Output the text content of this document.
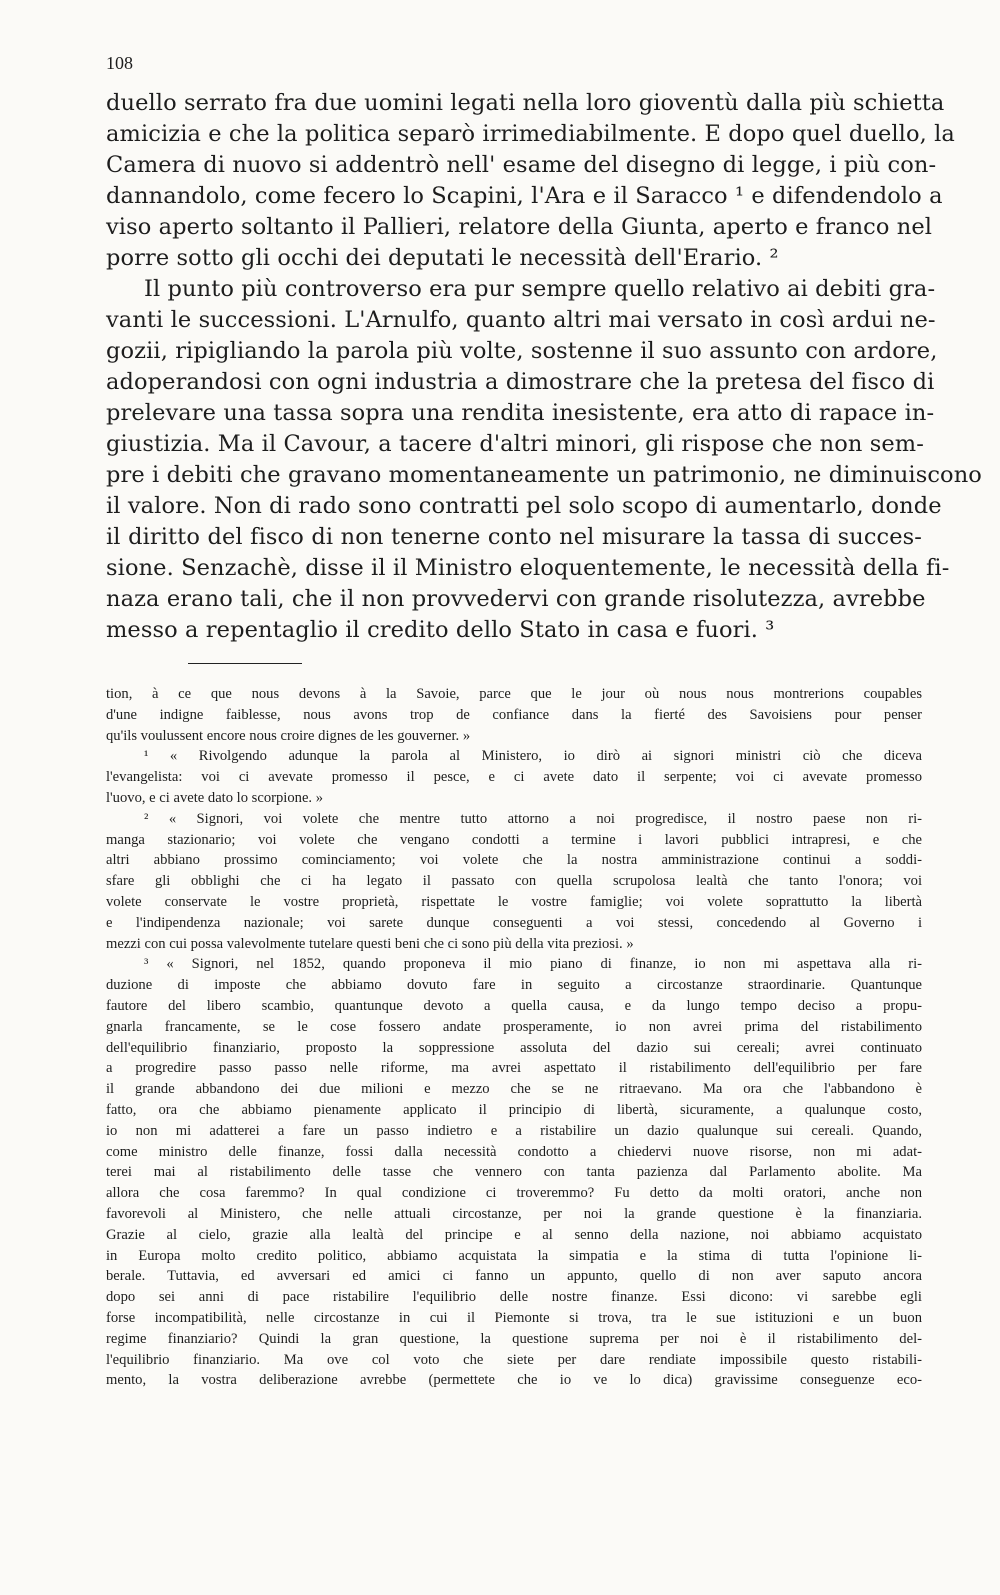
108
duello serrato fra due uomini legati nella loro gioventù dalla più schietta
amicizia e che la politica separò irrimediabilmente. E dopo quel duello, la
Camera di nuovo si addentrò nell' esame del disegno di legge, i più con-
dannandolo, come fecero lo Scapini, l'Ara e il Saracco ¹ e difendendolo a
viso aperto soltanto il Pallieri, relatore della Giunta, aperto e franco nel
porre sotto gli occhi dei deputati le necessità dell'Erario. ²
Il punto più controverso era pur sempre quello relativo ai debiti gra-
vanti le successioni. L'Arnulfo, quanto altri mai versato in così ardui ne-
gozii, ripigliando la parola più volte, sostenne il suo assunto con ardore,
adoperandosi con ogni industria a dimostrare che la pretesa del fisco di
prelevare una tassa sopra una rendita inesistente, era atto di rapace in-
giustizia. Ma il Cavour, a tacere d'altri minori, gli rispose che non sem-
pre i debiti che gravano momentaneamente un patrimonio, ne diminuiscono
il valore. Non di rado sono contratti pel solo scopo di aumentarlo, donde
il diritto del fisco di non tenerne conto nel misurare la tassa di succes-
sione. Senzachè, disse il il Ministro eloquentemente, le necessità della fi-
naza erano tali, che il non provvedervi con grande risolutezza, avrebbe
messo a repentaglio il credito dello Stato in casa e fuori. ³
tion, à ce que nous devons à la Savoie, parce que le jour où nous nous montrerions coupables
d'une indigne faiblesse, nous avons trop de confiance dans la fierté des Savoisiens pour penser
qu'ils voulussent encore nous croire dignes de les gouverner. »
¹ « Rivolgendo adunque la parola al Ministero, io dirò ai signori ministri ciò che diceva
l'evangelista: voi ci avevate promesso il pesce, e ci avete dato il serpente; voi ci avevate promesso
l'uovo, e ci avete dato lo scorpione. »
² « Signori, voi volete che mentre tutto attorno a noi progredisce, il nostro paese non ri-
manga stazionario; voi volete che vengano condotti a termine i lavori pubblici intrapresi, e che
altri abbiano prossimo cominciamento; voi volete che la nostra amministrazione continui a soddi-
sfare gli obblighi che ci ha legato il passato con quella scrupolosa lealtà che tanto l'onora; voi
volete conservate le vostre proprietà, rispettate le vostre famiglie; voi volete soprattutto la libertà
e l'indipendenza nazionale; voi sarete dunque conseguenti a voi stessi, concedendo al Governo i
mezzi con cui possa valevolmente tutelare questi beni che ci sono più della vita preziosi. »
³ « Signori, nel 1852, quando proponeva il mio piano di finanze, io non mi aspettava alla ri-
duzione di imposte che abbiamo dovuto fare in seguito a circostanze straordinarie. Quantunque
fautore del libero scambio, quantunque devoto a quella causa, e da lungo tempo deciso a propu-
gnarla francamente, se le cose fossero andate prosperamente, io non avrei prima del ristabilimento
dell'equilibrio finanziario, proposto la soppressione assoluta del dazio sui cereali; avrei continuato
a progredire passo passo nelle riforme, ma avrei aspettato il ristabilimento dell'equilibrio per fare
il grande abbandono dei due milioni e mezzo che se ne ritraevano. Ma ora che l'abbandono è
fatto, ora che abbiamo pienamente applicato il principio di libertà, sicuramente, a qualunque costo,
io non mi adatterei a fare un passo indietro e a ristabilire un dazio qualunque sui cereali. Quando,
come ministro delle finanze, fossi dalla necessità condotto a chiedervi nuove risorse, non mi adat-
terei mai al ristabilimento delle tasse che vennero con tanta pazienza dal Parlamento abolite. Ma
allora che cosa faremmo? In qual condizione ci troveremmo? Fu detto da molti oratori, anche non
favorevoli al Ministero, che nelle attuali circostanze, per noi la grande questione è la finanziaria.
Grazie al cielo, grazie alla lealtà del principe e al senno della nazione, noi abbiamo acquistato
in Europa molto credito politico, abbiamo acquistata la simpatia e la stima di tutta l'opinione li-
berale. Tuttavia, ed avversari ed amici ci fanno un appunto, quello di non aver saputo ancora
dopo sei anni di pace ristabilire l'equilibrio delle nostre finanze. Essi dicono: vi sarebbe egli
forse incompatibilità, nelle circostanze in cui il Piemonte si trova, tra le sue istituzioni e un buon
regime finanziario? Quindi la gran questione, la questione suprema per noi è il ristabilimento del-
l'equilibrio finanziario. Ma ove col voto che siete per dare rendiate impossibile questo ristabili-
mento, la vostra deliberazione avrebbe (permettete che io ve lo dica) gravissime conseguenze eco-
